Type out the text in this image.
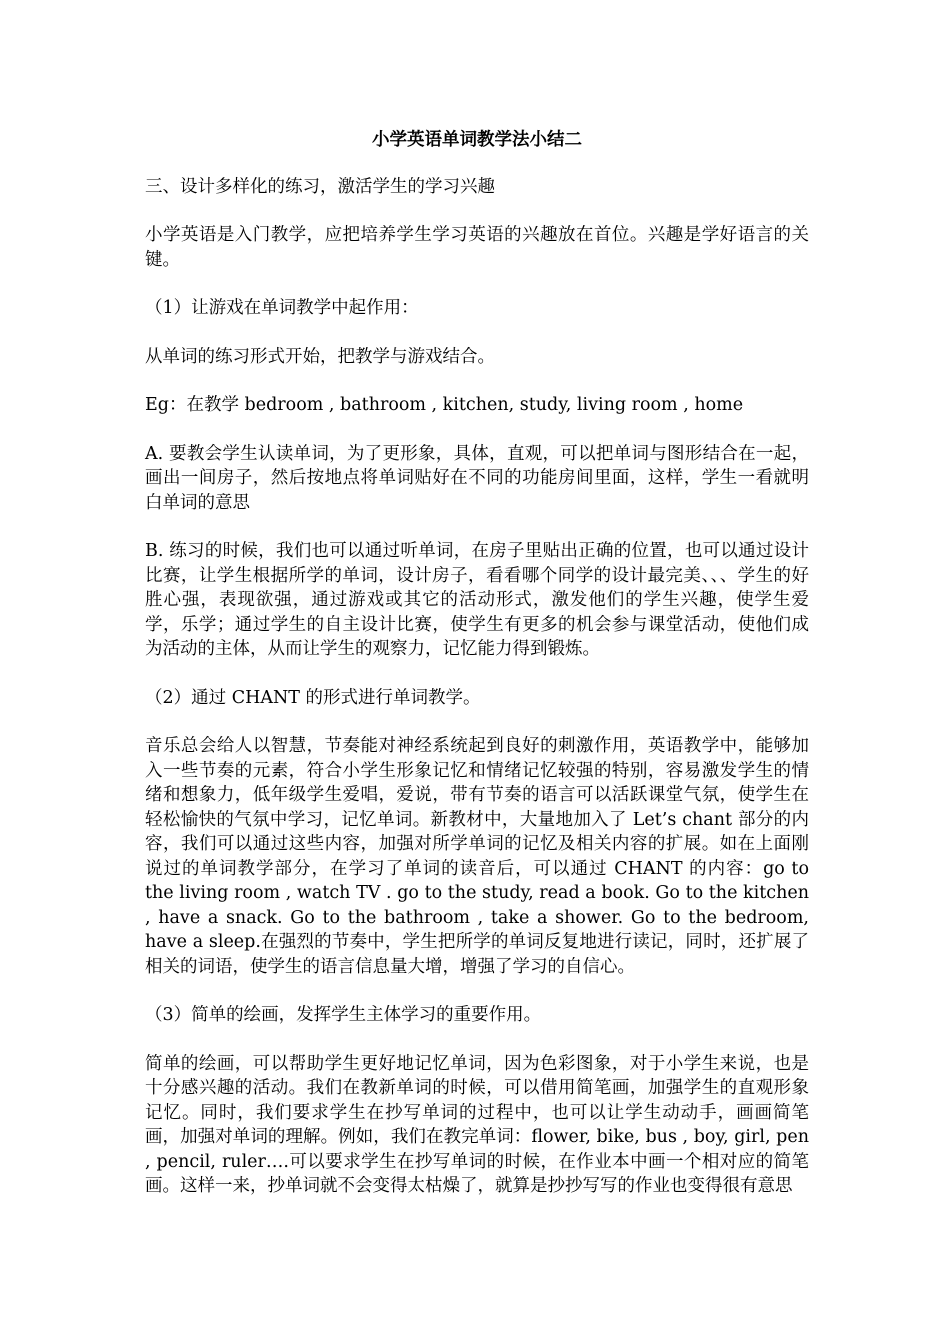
小学英语单词教学法小结二

三、设计多样化的练习，激活学生的学习兴趣

小学英语是入门教学，应把培养学生学习英语的兴趣放在首位。兴趣是学好语言的关键。

（1）让游戏在单词教学中起作用：

从单词的练习形式开始，把教学与游戏结合。

Eg：在教学 bedroom , bathroom , kitchen, study, living room , home

A. 要教会学生认读单词，为了更形象，具体，直观，可以把单词与图形结合在一起，画出一间房子，然后按地点将单词贴好在不同的功能房间里面，这样，学生一看就明白单词的意思

B. 练习的时候，我们也可以通过听单词，在房子里贴出正确的位置，也可以通过设计比赛，让学生根据所学的单词，设计房子，看看哪个同学的设计最完美、、、学生的好胜心强，表现欲强，通过游戏或其它的活动形式，激发他们的学生兴趣，使学生爱学，乐学；通过学生的自主设计比赛，使学生有更多的机会参与课堂活动，使他们成为活动的主体，从而让学生的观察力，记忆能力得到锻炼。

（2）通过 CHANT 的形式进行单词教学。

音乐总会给人以智慧，节奏能对神经系统起到良好的刺激作用，英语教学中，能够加入一些节奏的元素，符合小学生形象记忆和情绪记忆较强的特别，容易激发学生的情绪和想象力，低年级学生爱唱，爱说，带有节奏的语言可以活跃课堂气氛，使学生在轻松愉快的气氛中学习，记忆单词。新教材中，大量地加入了 Let’s chant 部分的内容，我们可以通过这些内容，加强对所学单词的记忆及相关内容的扩展。如在上面刚说过的单词教学部分，在学习了单词的读音后，可以通过 CHANT 的内容：go to the living room , watch TV . go to the study, read a book. Go to the kitchen , have a snack. Go to the bathroom , take a shower. Go to the bedroom, have a sleep.在强烈的节奏中，学生把所学的单词反复地进行读记，同时，还扩展了相关的词语，使学生的语言信息量大增，增强了学习的自信心。

（3）简单的绘画，发挥学生主体学习的重要作用。

简单的绘画，可以帮助学生更好地记忆单词，因为色彩图象，对于小学生来说，也是十分感兴趣的活动。我们在教新单词的时候，可以借用简笔画，加强学生的直观形象记忆。同时，我们要求学生在抄写单词的过程中，也可以让学生动动手，画画简笔画，加强对单词的理解。例如，我们在教完单词：flower, bike, bus , boy, girl, pen , pencil, ruler….可以要求学生在抄写单词的时候，在作业本中画一个相对应的简笔画。这样一来，抄单词就不会变得太枯燥了，就算是抄抄写写的作业也变得很有意思
